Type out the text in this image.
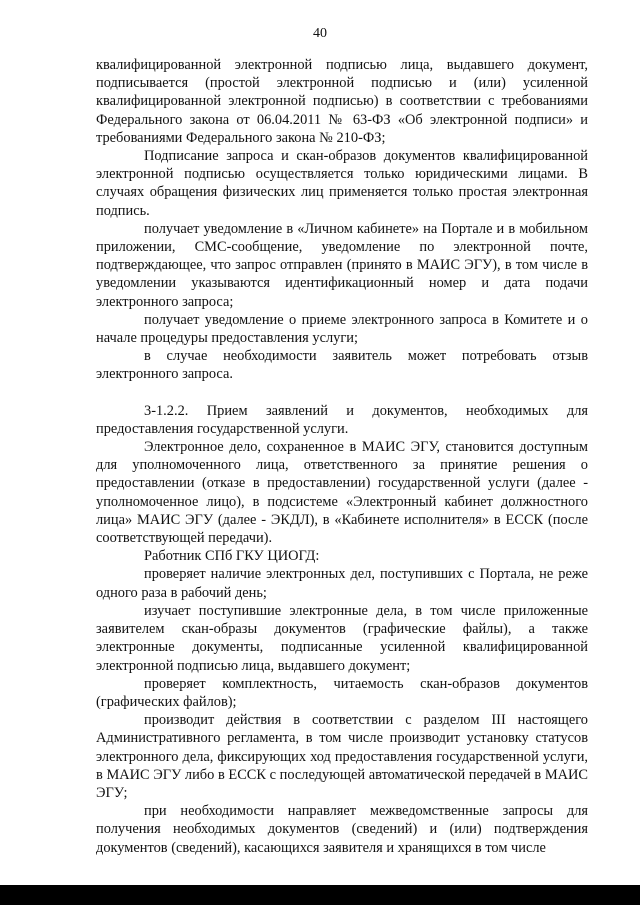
40

квалифицированной электронной подписью лица, выдавшего документ, подписывается (простой электронной подписью и (или) усиленной квалифицированной электронной подписью) в соответствии с требованиями Федерального закона от 06.04.2011 № 63-ФЗ «Об электронной подписи» и требованиями Федерального закона № 210-ФЗ;

Подписание запроса и скан-образов документов квалифицированной электронной подписью осуществляется только юридическими лицами. В случаях обращения физических лиц применяется только простая электронная подпись.

получает уведомление в «Личном кабинете» на Портале и в мобильном приложении, СМС-сообщение, уведомление по электронной почте, подтверждающее, что запрос отправлен (принято в МАИС ЭГУ), в том числе в уведомлении указываются идентификационный номер и дата подачи электронного запроса;

получает уведомление о приеме электронного запроса в Комитете и о начале процедуры предоставления услуги;

в случае необходимости заявитель может потребовать отзыв электронного запроса.

3-1.2.2. Прием заявлений и документов, необходимых для предоставления государственной услуги.

Электронное дело, сохраненное в МАИС ЭГУ, становится доступным для уполномоченного лица, ответственного за принятие решения о предоставлении (отказе в предоставлении) государственной услуги (далее - уполномоченное лицо), в подсистеме «Электронный кабинет должностного лица» МАИС ЭГУ (далее - ЭКДЛ), в «Кабинете исполнителя» в ЕССК (после соответствующей передачи).

Работник СПб ГКУ ЦИОГД:

проверяет наличие электронных дел, поступивших с Портала, не реже одного раза в рабочий день;

изучает поступившие электронные дела, в том числе приложенные заявителем скан-образы документов (графические файлы), а также электронные документы, подписанные усиленной квалифицированной электронной подписью лица, выдавшего документ;

проверяет комплектность, читаемость скан-образов документов (графических файлов);

производит действия в соответствии с разделом III настоящего Административного регламента, в том числе производит установку статусов электронного дела, фиксирующих ход предоставления государственной услуги, в МАИС ЭГУ либо в ЕССК с последующей автоматической передачей в МАИС ЭГУ;

при необходимости направляет межведомственные запросы для получения необходимых документов (сведений) и (или) подтверждения документов (сведений), касающихся заявителя и хранящихся в том числе
